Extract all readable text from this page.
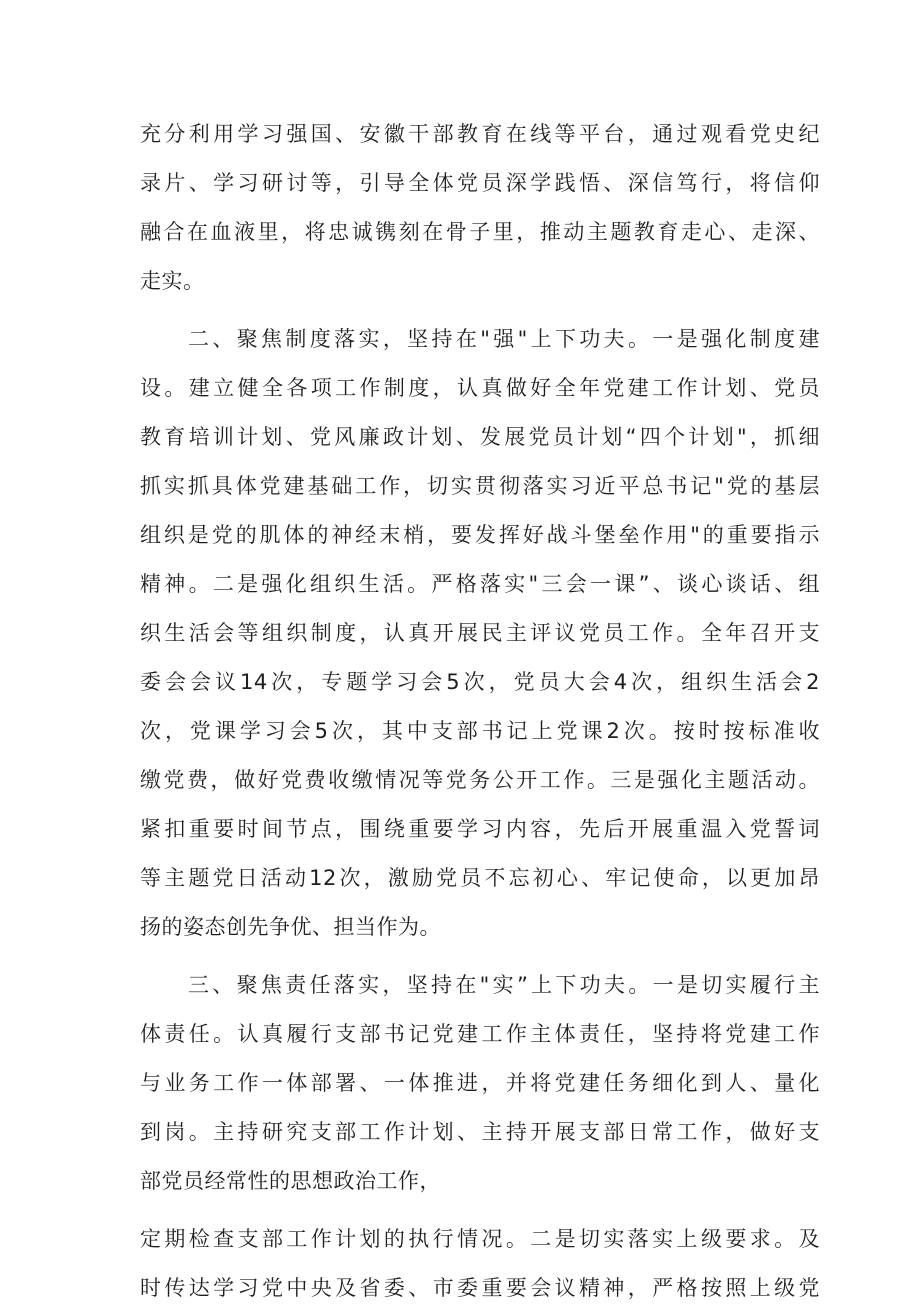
充分利用学习强国、安徽干部教育在线等平台，通过观看党史纪
录片、学习研讨等，引导全体党员深学践悟、深信笃行，将信仰
融合在血液里，将忠诚镌刻在骨子里，推动主题教育走心、走深、
走实。
二、聚焦制度落实，坚持在"强"上下功夫。一是强化制度建
设。建立健全各项工作制度，认真做好全年党建工作计划、党员
教育培训计划、党风廉政计划、发展党员计划“四个计划"，抓细
抓实抓具体党建基础工作，切实贯彻落实习近平总书记"党的基层
组织是党的肌体的神经末梢，要发挥好战斗堡垒作用"的重要指示
精神。二是强化组织生活。严格落实"三会一课”、谈心谈话、组
织生活会等组织制度，认真开展民主评议党员工作。全年召开支
委会会议14次，专题学习会5次，党员大会4次，组织生活会2
次，党课学习会5次，其中支部书记上党课2次。按时按标准收
缴党费，做好党费收缴情况等党务公开工作。三是强化主题活动。
紧扣重要时间节点，围绕重要学习内容，先后开展重温入党誓词
等主题党日活动12次，激励党员不忘初心、牢记使命，以更加昂
扬的姿态创先争优、担当作为。
三、聚焦责任落实，坚持在"实”上下功夫。一是切实履行主
体责任。认真履行支部书记党建工作主体责任，坚持将党建工作
与业务工作一体部署、一体推进，并将党建任务细化到人、量化
到岗。主持研究支部工作计划、主持开展支部日常工作，做好支
部党员经常性的思想政治工作，
定期检查支部工作计划的执行情况。二是切实落实上级要求。及
时传达学习党中央及省委、市委重要会议精神，严格按照上级党
